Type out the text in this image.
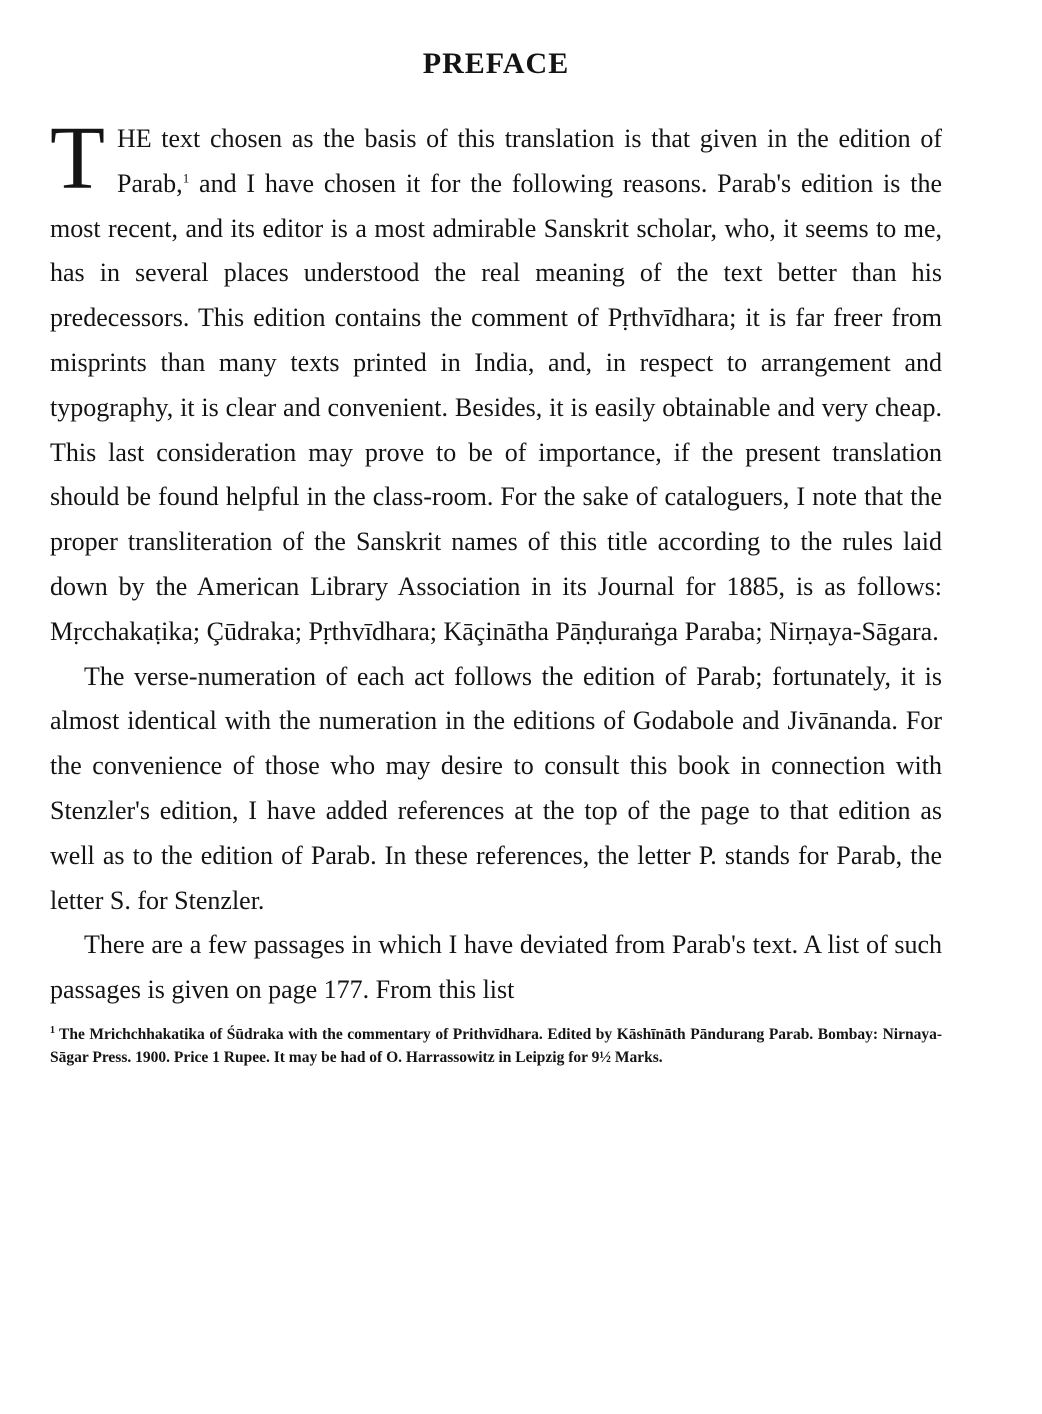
PREFACE

THE text chosen as the basis of this translation is that given in the edition of Parab,$^1$ and I have chosen it for the following reasons. Parab's edition is the most recent, and its editor is a most admirable Sanskrit scholar, who, it seems to me, has in several places understood the real meaning of the text better than his predecessors. This edition contains the comment of Pṛthvīdhara; it is far freer from misprints than many texts printed in India, and, in respect to arrangement and typography, it is clear and convenient. Besides, it is easily obtainable and very cheap. This last consideration may prove to be of importance, if the present translation should be found helpful in the class-room. For the sake of cataloguers, I note that the proper transliteration of the Sanskrit names of this title according to the rules laid down by the American Library Association in its Journal for 1885, is as follows: Mṛcchakaṭika; Çūdraka; Pṛthvīdhara; Kāçinātha Pāṇḍuraṅga Paraba; Nirṇaya-Sāgara.

The verse-numeration of each act follows the edition of Parab; fortunately, it is almost identical with the numeration in the editions of Godabole and Jivānanda. For the convenience of those who may desire to consult this book in connection with Stenzler's edition, I have added references at the top of the page to that edition as well as to the edition of Parab. In these references, the letter P. stands for Parab, the letter S. for Stenzler.

There are a few passages in which I have deviated from Parab's text. A list of such passages is given on page 177. From this list

$^1$ The Mrichchhakatika of Śūdraka with the commentary of Prithvīdhara. Edited by Kāshīnāth Pāndurang Parab. Bombay: Nirnaya-Sāgar Press. 1900. Price 1 Rupee. It may be had of O. Harrassowitz in Leipzig for 9½ Marks.
